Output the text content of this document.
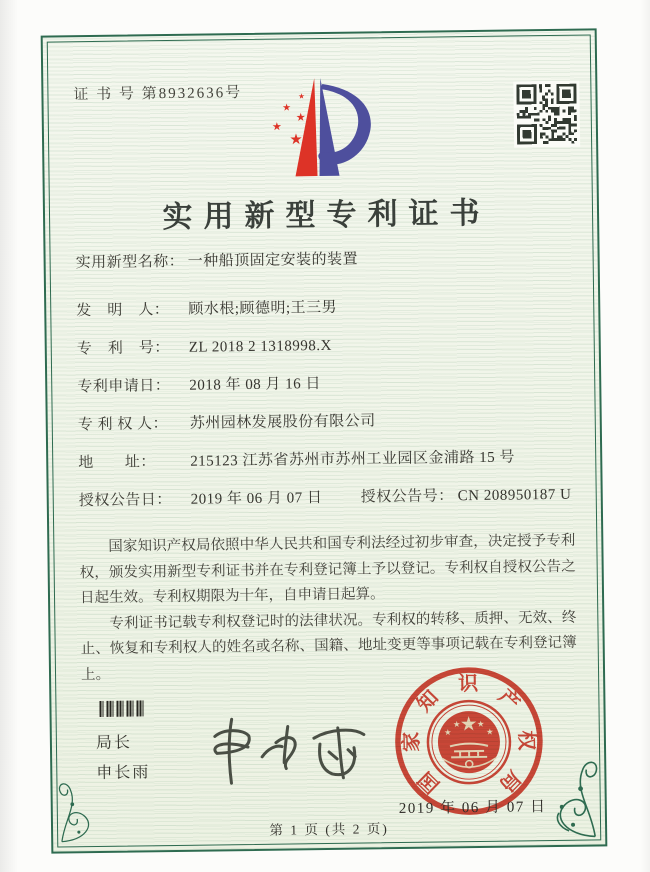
证 书 号 第8932636号
实用新型专利证书
实用新型名称： 一种船顶固定安装的装置
发　明　人：	顾水根;顾德明;王三男
专　利　号：	ZL 2018 2 1318998.X
专利申请日：	2018 年 08 月 16 日
专 利 权 人：	苏州园林发展股份有限公司
地　　址：	215123 江苏省苏州市苏州工业园区金浦路 15 号
授权公告日：	2019 年 06 月 07 日	授权公告号： CN 208950187 U

国家知识产权局依照中华人民共和国专利法经过初步审查，决定授予专利权，颁发实用新型专利证书并在专利登记簿上予以登记。专利权自授权公告之日起生效。专利权期限为十年，自申请日起算。

专利证书记载专利权登记时的法律状况。专利权的转移、质押、无效、终止、恢复和专利权人的姓名或名称、国籍、地址变更等事项记载在专利登记簿上。

局长
申长雨	国
家
知
识
产
权
局
2019 年 06 月 07 日
第 1 页 (共 2 页)
